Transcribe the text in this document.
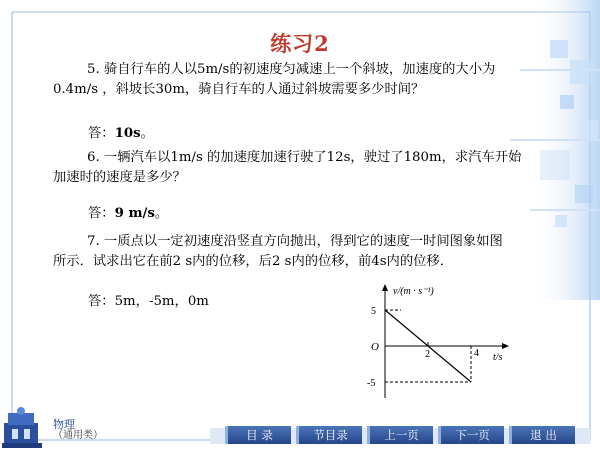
练习2
5. 骑自行车的人以5m/s的初速度匀减速上一个斜坡，加速度的大小为
0.4m/s ，斜坡长30m，骑自行车的人通过斜坡需要多少时间？
答：10s。
6. 一辆汽车以1m/s 的加速度加速行驶了12s，驶过了180m，求汽车开始
加速时的速度是多少？
答：9 m/s。
7. 一质点以一定初速度沿竖直方向抛出，得到它的速度一时间图象如图
所示．试求出它在前2 s内的位移，后2 s内的位移，前4s内的位移．
答：5m，-5m，0m
v/(m · s⁻¹)
t/s
5
-5
O
2	4
物理
（通用类）	目 录	节目录	上一页	下一页	退 出
